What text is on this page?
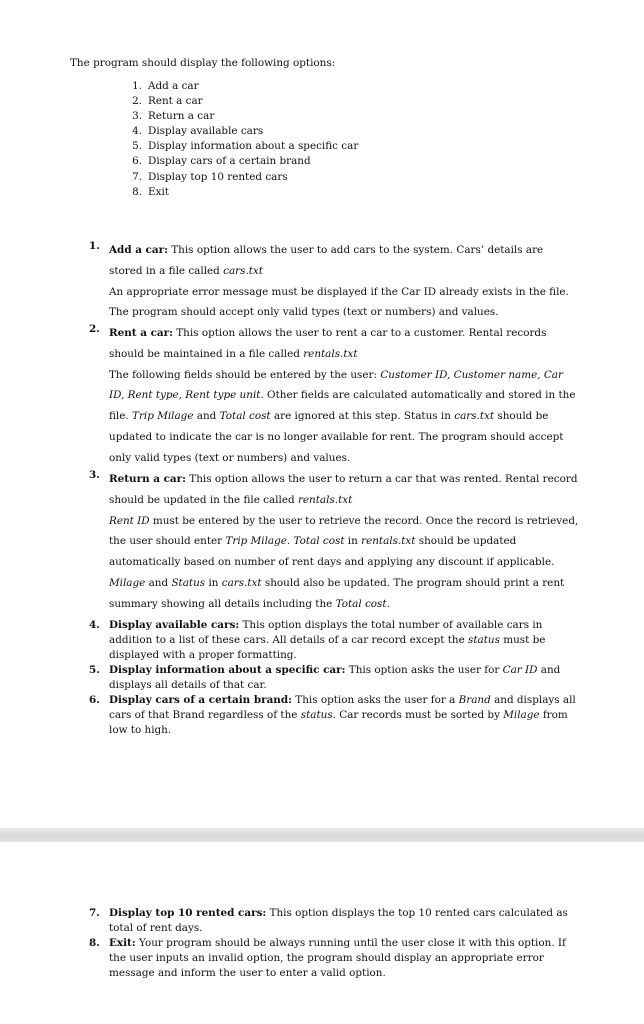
The program should display the following options:
1. Add a car
2. Rent a car
3. Return a car
4. Display available cars
5. Display information about a specific car
6. Display cars of a certain brand
7. Display top 10 rented cars
8. Exit
1. Add a car: This option allows the user to add cars to the system. Cars’ details are stored in a file called cars.txt

An appropriate error message must be displayed if the Car ID already exists in the file. The program should accept only valid types (text or numbers) and values.

2. Rent a car: This option allows the user to rent a car to a customer. Rental records should be maintained in a file called rentals.txt

The following fields should be entered by the user: Customer ID, Customer name, Car ID, Rent type, Rent type unit. Other fields are calculated automatically and stored in the file. Trip Milage and Total cost are ignored at this step. Status in cars.txt should be updated to indicate the car is no longer available for rent. The program should accept only valid types (text or numbers) and values.

3. Return a car: This option allows the user to return a car that was rented. Rental record should be updated in the file called rentals.txt

Rent ID must be entered by the user to retrieve the record. Once the record is retrieved, the user should enter Trip Milage. Total cost in rentals.txt should be updated automatically based on number of rent days and applying any discount if applicable. Milage and Status in cars.txt should also be updated. The program should print a rent summary showing all details including the Total cost.

4. Display available cars: This option displays the total number of available cars in addition to a list of these cars. All details of a car record except the status must be displayed with a proper formatting.

5. Display information about a specific car: This option asks the user for Car ID and displays all details of that car.

6. Display cars of a certain brand: This option asks the user for a Brand and displays all cars of that Brand regardless of the status. Car records must be sorted by Milage from low to high.

7. Display top 10 rented cars: This option displays the top 10 rented cars calculated as total of rent days.

8. Exit: Your program should be always running until the user close it with this option. If the user inputs an invalid option, the program should display an appropriate error message and inform the user to enter a valid option.
